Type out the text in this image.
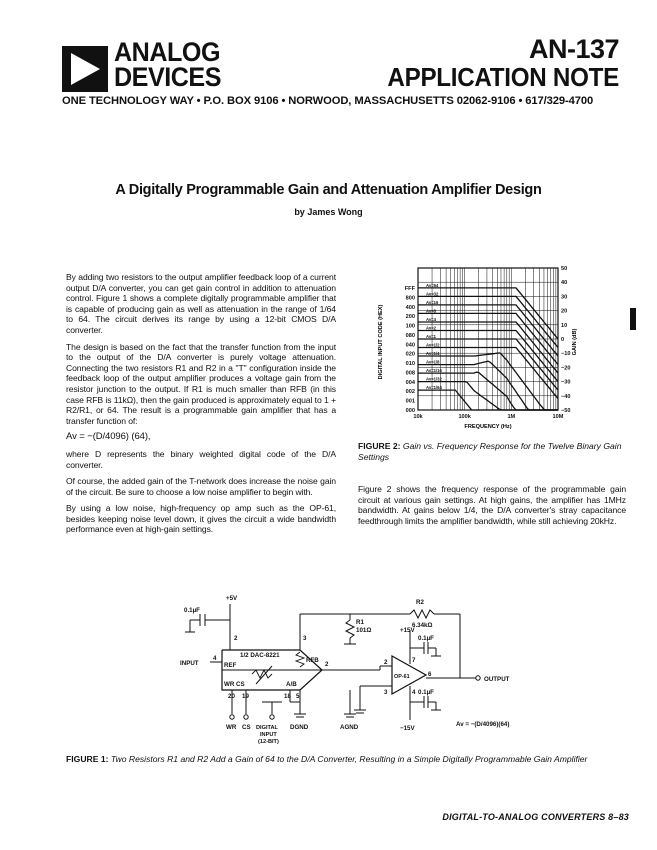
ANALOG
DEVICES
AN-137
APPLICATION NOTE
ONE TECHNOLOGY WAY • P.O. BOX 9106 • NORWOOD, MASSACHUSETTS 02062-9106 • 617/329-4700
A Digitally Programmable Gain and Attenuation Amplifier Design
by James Wong

By adding two resistors to the output amplifier feedback loop of a current output D/A converter, you can get gain control in addition to attenuation control. Figure 1 shows a complete digitally programmable amplifier that is capable of producing gain as well as attenuation in the range of 1/64 to 64. The circuit derives its range by using a 12-bit CMOS D/A converter.

The design is based on the fact that the transfer function from the input to the output of the D/A converter is purely voltage attenuation. Connecting the two resistors R1 and R2 in a "T" configuration inside the feedback loop of the output amplifier produces a voltage gain from the resistor junction to the output. If R1 is much smaller than RFB (in this case RFB is 11kΩ), then the gain produced is approximately equal to 1 + R2/R1, or 64. The result is a programmable gain amplifier that has a transfer function of:

Av = −(D/4096) (64),

where D represents the binary weighted digital code of the D/A converter.

Of course, the added gain of the T-network does increase the noise gain of the circuit. Be sure to choose a low noise amplifier to begin with.

By using a low noise, high-frequency op amp such as the OP-61, besides keeping noise level down, it gives the circuit a wide bandwidth performance even at high-gain settings.

FFF
800
400
200
100
080
040
020
010
008
004
002
001
000
50
40
30
20
10
0
−10
−20
−30
−40
−50
10k	100k	1M	10M
Av=64
Av=32
Av=16
Av=8
Av=4
Av=2
Av=1
Av=1/2
Av=1/4
Av=1/8
Av=1/16
Av=1/32
Av=1/64
DIGITAL INPUT CODE (HEX)	GAIN (dB)
FREQUENCY (Hz)
FIGURE 2: Gain vs. Frequency Response for the Twelve Binary Gain Settings

Figure 2 shows the frequency response of the programmable gain circuit at various gain settings. At high gains, the amplifier has 1MHz bandwidth. At gains below 1/4, the D/A converter's stray capacitance feedthrough limits the amplifier bandwidth, while still achieving 20kHz.

+5V
0.1µF
2	3
1/2 DAC-8221
RFB
REF
INPUT
4
WR CS	A/B
2
20 19	18 5
WR CS DIGITAL
INPUT
(12-BIT)
DGND	AGND
R1
101Ω
R2
6.34kΩ
+15V
0.1µF
−15V
0.1µF
OP-61
2
3	4
6
7
OUTPUT
Av = −(D/4096)(64)
FIGURE 1: Two Resistors R1 and R2 Add a Gain of 64 to the D/A Converter, Resulting in a Simple Digitally Programmable Gain Amplifier
DIGITAL-TO-ANALOG CONVERTERS 8–83
